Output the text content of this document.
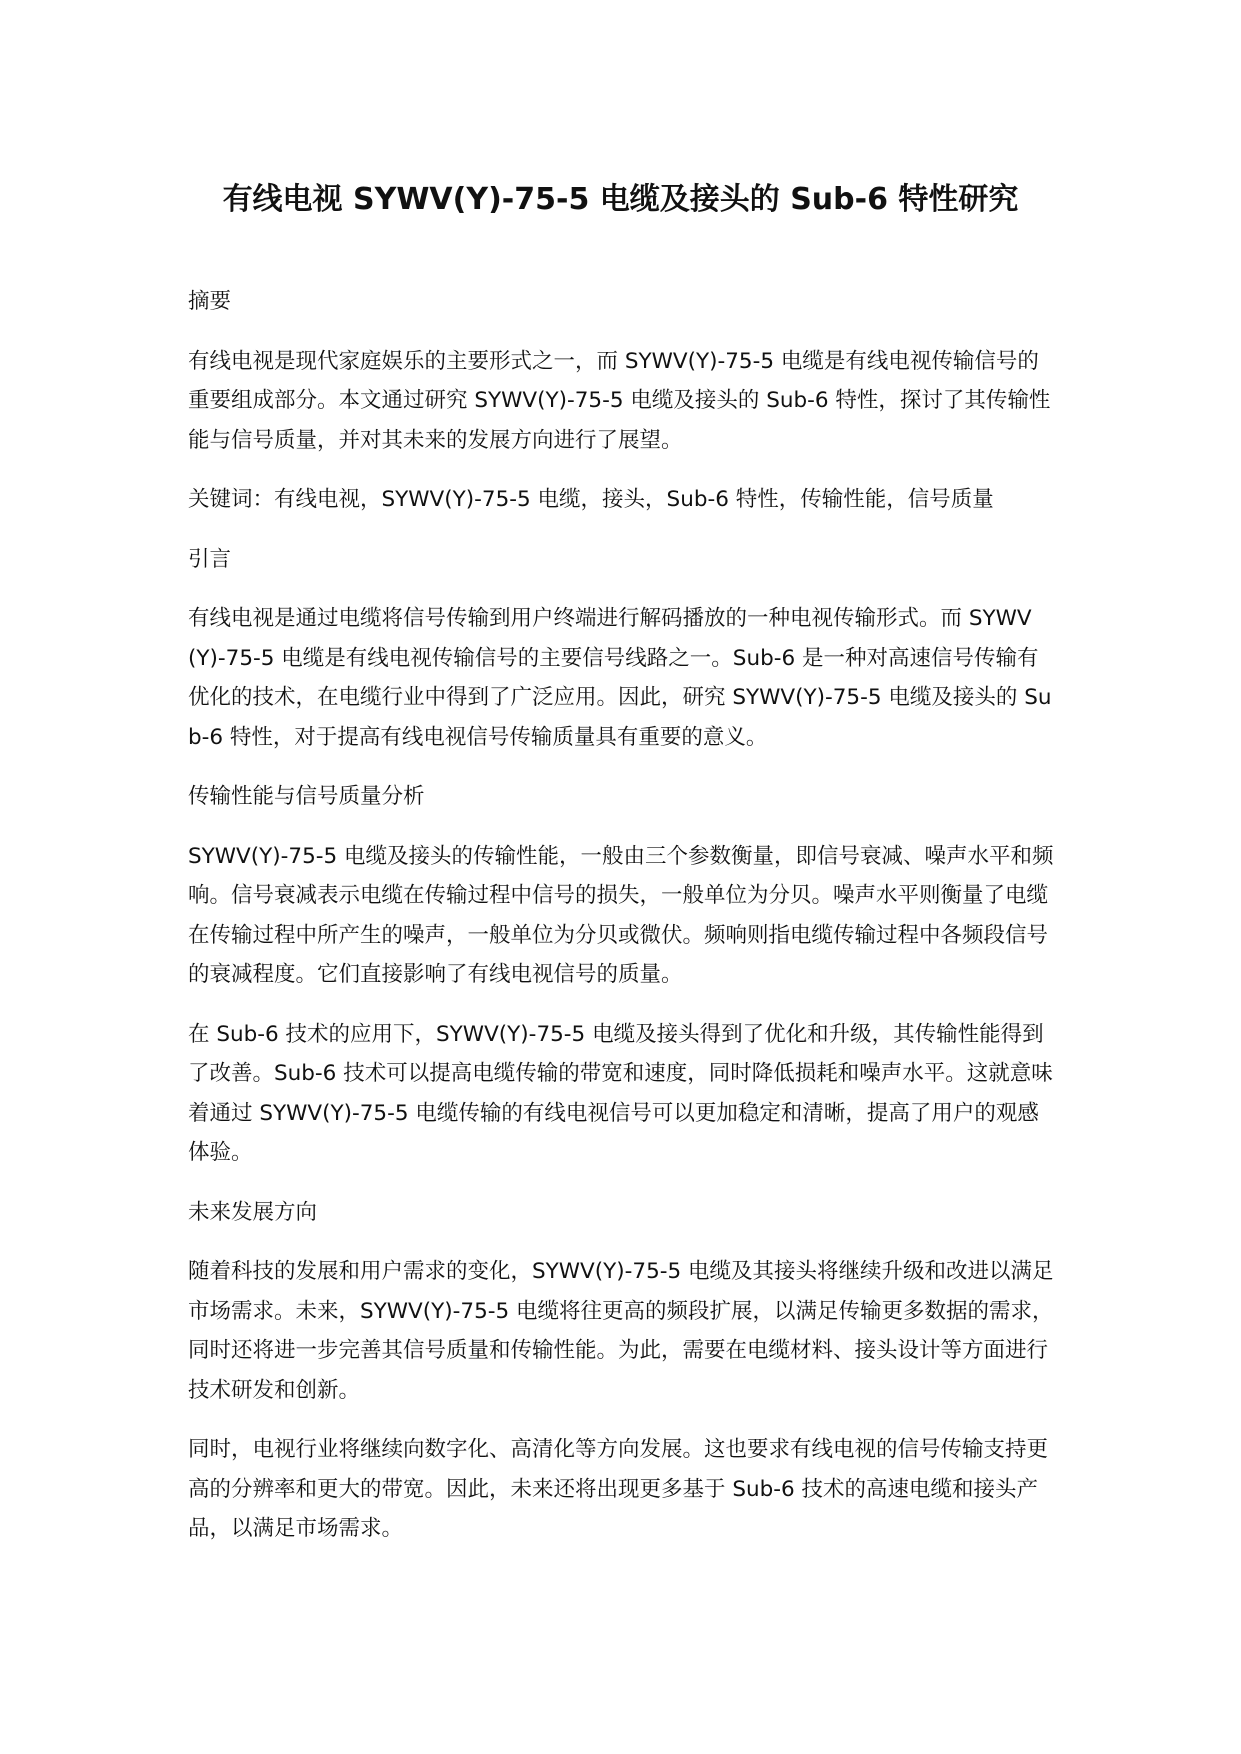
有线电视 SYWV(Y)-75-5 电缆及接头的 Sub-6 特性研究
摘要

有线电视是现代家庭娱乐的主要形式之一，而 SYWV(Y)-75-5 电缆是有线电视传输信号的重要组成部分。本文通过研究 SYWV(Y)-75-5 电缆及接头的 Sub-6 特性，探讨了其传输性能与信号质量，并对其未来的发展方向进行了展望。

关键词：有线电视，SYWV(Y)-75-5 电缆，接头，Sub-6 特性，传输性能，信号质量

引言

有线电视是通过电缆将信号传输到用户终端进行解码播放的一种电视传输形式。而 SYWV(Y)-75-5 电缆是有线电视传输信号的主要信号线路之一。Sub-6 是一种对高速信号传输有优化的技术，在电缆行业中得到了广泛应用。因此，研究 SYWV(Y)-75-5 电缆及接头的 Sub-6 特性，对于提高有线电视信号传输质量具有重要的意义。

传输性能与信号质量分析

SYWV(Y)-75-5 电缆及接头的传输性能，一般由三个参数衡量，即信号衰减、噪声水平和频响。信号衰减表示电缆在传输过程中信号的损失，一般单位为分贝。噪声水平则衡量了电缆在传输过程中所产生的噪声，一般单位为分贝或微伏。频响则指电缆传输过程中各频段信号的衰减程度。它们直接影响了有线电视信号的质量。

在 Sub-6 技术的应用下，SYWV(Y)-75-5 电缆及接头得到了优化和升级，其传输性能得到了改善。Sub-6 技术可以提高电缆传输的带宽和速度，同时降低损耗和噪声水平。这就意味着通过 SYWV(Y)-75-5 电缆传输的有线电视信号可以更加稳定和清晰，提高了用户的观感体验。

未来发展方向

随着科技的发展和用户需求的变化，SYWV(Y)-75-5 电缆及其接头将继续升级和改进以满足市场需求。未来，SYWV(Y)-75-5 电缆将往更高的频段扩展，以满足传输更多数据的需求，同时还将进一步完善其信号质量和传输性能。为此，需要在电缆材料、接头设计等方面进行技术研发和创新。

同时，电视行业将继续向数字化、高清化等方向发展。这也要求有线电视的信号传输支持更高的分辨率和更大的带宽。因此，未来还将出现更多基于 Sub-6 技术的高速电缆和接头产品，以满足市场需求。
